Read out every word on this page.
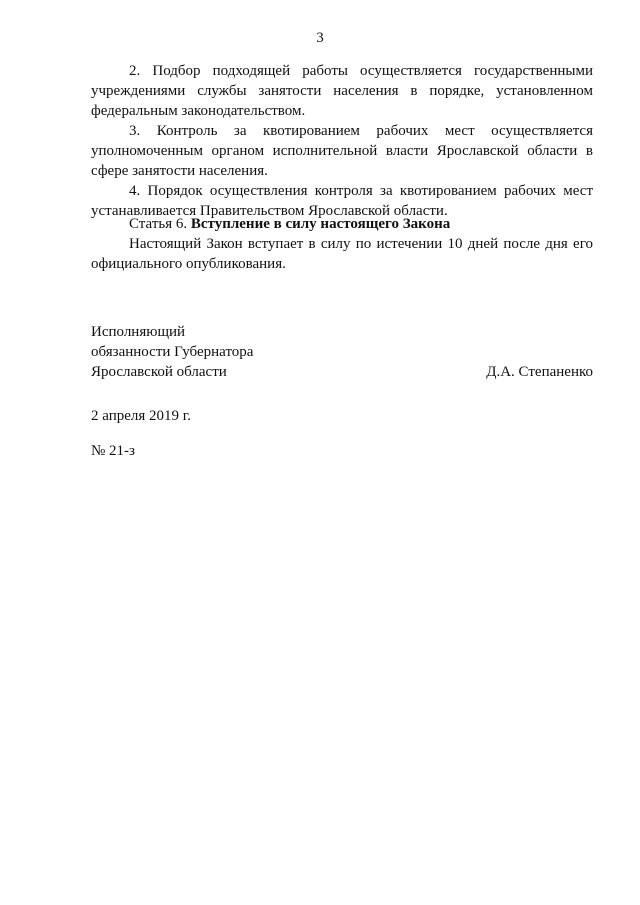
3

2. Подбор подходящей работы осуществляется государственными учреждениями службы занятости населения в порядке, установленном федеральным законодательством.

3. Контроль за квотированием рабочих мест осуществляется уполномоченным органом исполнительной власти Ярославской области в сфере занятости населения.

4. Порядок осуществления контроля за квотированием рабочих мест устанавливается Правительством Ярославской области.

Статья 6. Вступление в силу настоящего Закона

Настоящий Закон вступает в силу по истечении 10 дней после дня его официального опубликования.

Исполняющий
обязанности Губернатора
Ярославской области	Д.А. Степаненко
2 апреля 2019 г.
№ 21-з
